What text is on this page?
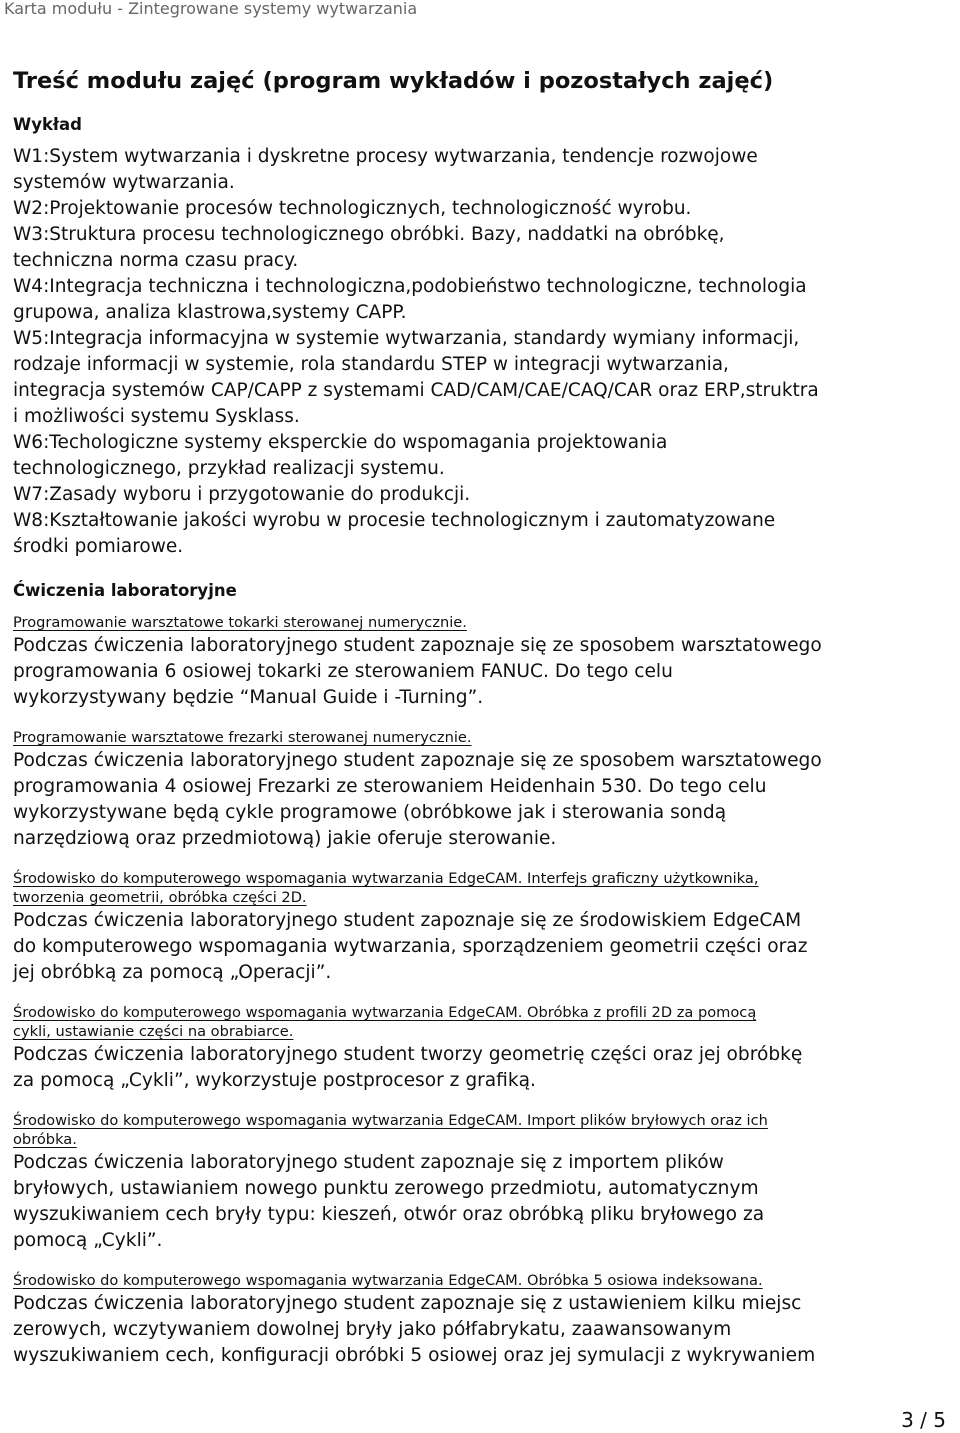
Karta modułu - Zintegrowane systemy wytwarzania
Treść modułu zajęć (program wykładów i pozostałych zajęć)
Wykład
W1:System wytwarzania i dyskretne procesy wytwarzania, tendencje rozwojowe
systemów wytwarzania.
W2:Projektowanie procesów technologicznych, technologiczność wyrobu.
W3:Struktura procesu technologicznego obróbki. Bazy, naddatki na obróbkę,
techniczna norma czasu pracy.
W4:Integracja techniczna i technologiczna,podobieństwo technologiczne, technologia
grupowa, analiza klastrowa,systemy CAPP.
W5:Integracja informacyjna w systemie wytwarzania, standardy wymiany informacji,
rodzaje informacji w systemie, rola standardu STEP w integracji wytwarzania,
integracja systemów CAP/CAPP z systemami CAD/CAM/CAE/CAQ/CAR oraz ERP,struktra
i możliwości systemu Sysklass.
W6:Techologiczne systemy eksperckie do wspomagania projektowania
technologicznego, przykład realizacji systemu.
W7:Zasady wyboru i przygotowanie do produkcji.
W8:Kształtowanie jakości wyrobu w procesie technologicznym i zautomatyzowane
środki pomiarowe.
Ćwiczenia laboratoryjne
Programowanie warsztatowe tokarki sterowanej numerycznie.
Podczas ćwiczenia laboratoryjnego student zapoznaje się ze sposobem warsztatowego
programowania 6 osiowej tokarki ze sterowaniem FANUC. Do tego celu
wykorzystywany będzie “Manual Guide i -Turning”.
Programowanie warsztatowe frezarki sterowanej numerycznie.
Podczas ćwiczenia laboratoryjnego student zapoznaje się ze sposobem warsztatowego
programowania 4 osiowej Frezarki ze sterowaniem Heidenhain 530. Do tego celu
wykorzystywane będą cykle programowe (obróbkowe jak i sterowania sondą
narzędziową oraz przedmiotową) jakie oferuje sterowanie.
Środowisko do komputerowego wspomagania wytwarzania EdgeCAM. Interfejs graficzny użytkownika,
tworzenia geometrii, obróbka części 2D.
Podczas ćwiczenia laboratoryjnego student zapoznaje się ze środowiskiem EdgeCAM
do komputerowego wspomagania wytwarzania, sporządzeniem geometrii części oraz
jej obróbką za pomocą „Operacji”.
Środowisko do komputerowego wspomagania wytwarzania EdgeCAM. Obróbka z profili 2D za pomocą
cykli, ustawianie części na obrabiarce.
Podczas ćwiczenia laboratoryjnego student tworzy geometrię części oraz jej obróbkę
za pomocą „Cykli”, wykorzystuje postprocesor z grafiką.
Środowisko do komputerowego wspomagania wytwarzania EdgeCAM. Import plików bryłowych oraz ich
obróbka.
Podczas ćwiczenia laboratoryjnego student zapoznaje się z importem plików
bryłowych, ustawianiem nowego punktu zerowego przedmiotu, automatycznym
wyszukiwaniem cech bryły typu: kieszeń, otwór oraz obróbką pliku bryłowego za
pomocą „Cykli”.
Środowisko do komputerowego wspomagania wytwarzania EdgeCAM. Obróbka 5 osiowa indeksowana.
Podczas ćwiczenia laboratoryjnego student zapoznaje się z ustawieniem kilku miejsc
zerowych, wczytywaniem dowolnej bryły jako półfabrykatu, zaawansowanym
wyszukiwaniem cech, konfiguracji obróbki 5 osiowej oraz jej symulacji z wykrywaniem
3 / 5
